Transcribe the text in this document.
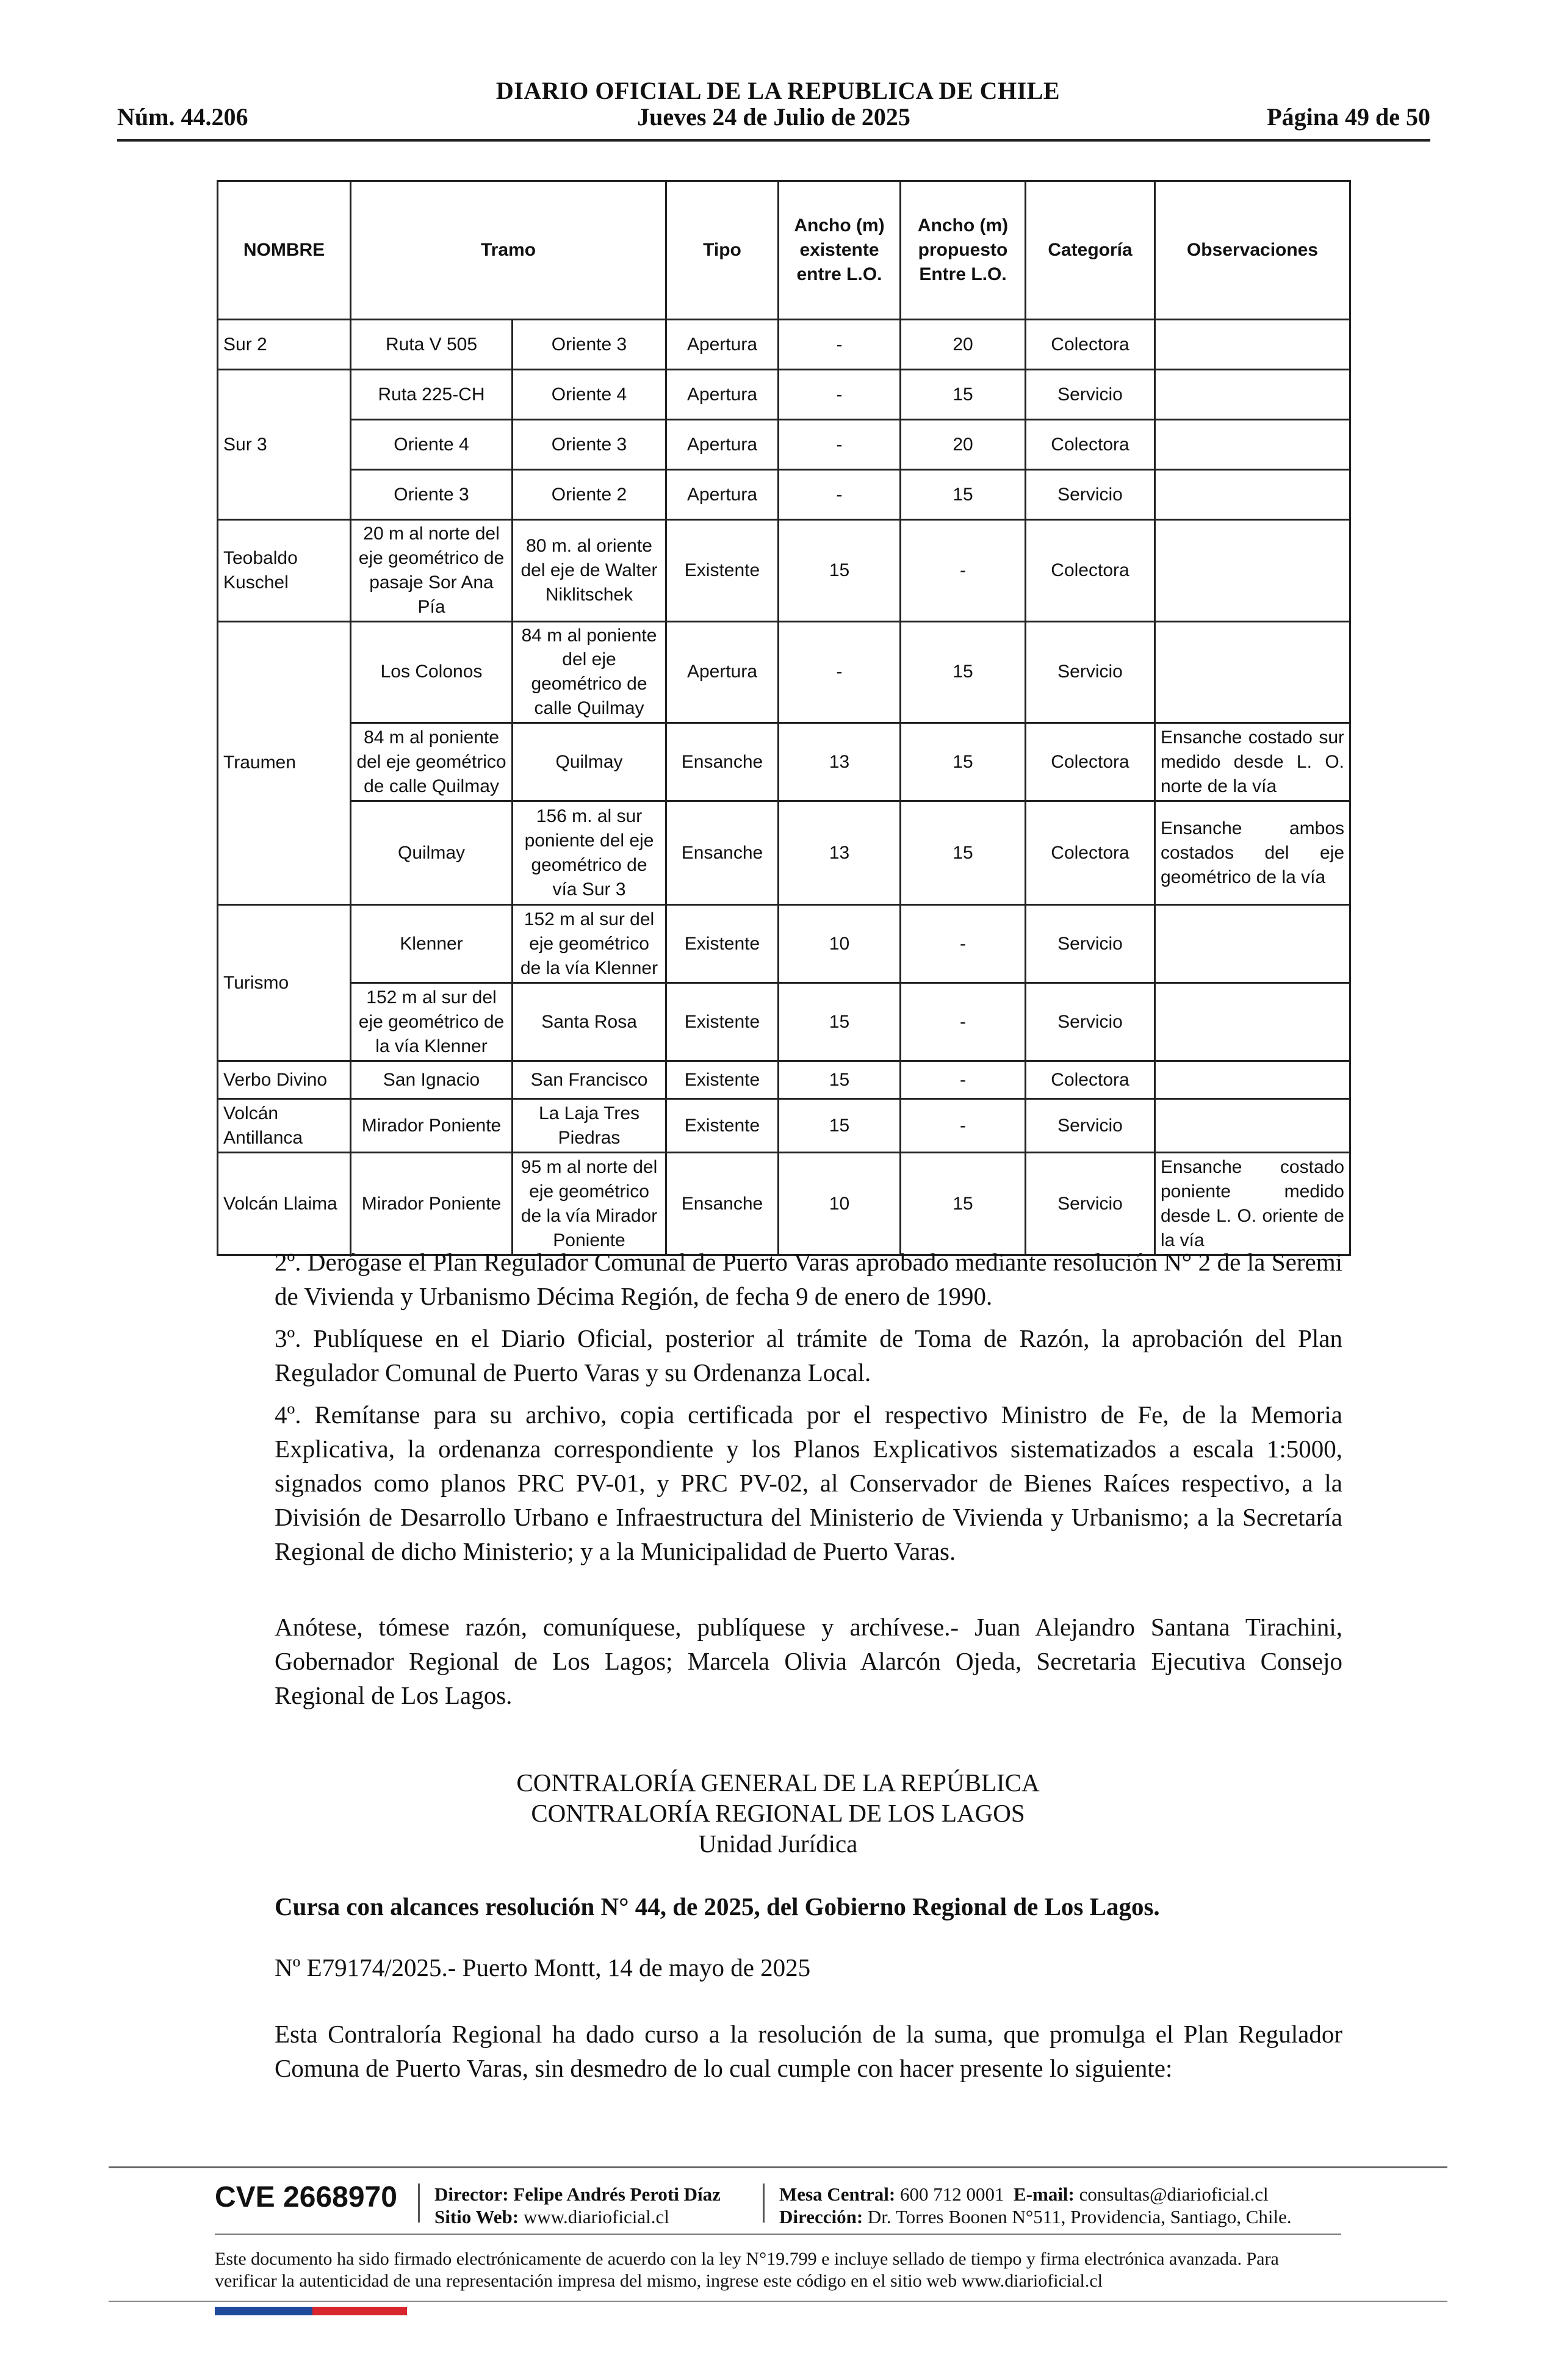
DIARIO OFICIAL DE LA REPUBLICA DE CHILE
Núm. 44.206	Jueves 24 de Julio de 2025	Página 49 de 50
NOMBRE	Tramo		Tipo	Ancho (m) existente entre L.O.	Ancho (m) propuesto Entre L.O.	Categoría	Observaciones
Sur 2	Ruta V 505	Oriente 3	Apertura	-	20	Colectora	
Sur 3	Ruta 225-CH	Oriente 4	Apertura	-	15	Servicio	
	Oriente 4	Oriente 3	Apertura	-	20	Colectora	
	Oriente 3	Oriente 2	Apertura	-	15	Servicio	
Teobaldo Kuschel	20 m al norte del eje geométrico de pasaje Sor Ana Pía	80 m. al oriente del eje de Walter Niklitschek	Existente	15	-	Colectora	
Traumen	Los Colonos	84 m al poniente del eje geométrico de calle Quilmay	Apertura	-	15	Servicio	
	84 m al poniente del eje geométrico de calle Quilmay	Quilmay	Ensanche	13	15	Colectora	Ensanche costado sur medido desde L. O. norte de la vía
	Quilmay	156 m. al sur poniente del eje geométrico de vía Sur 3	Ensanche	13	15	Colectora	Ensanche ambos costados del eje geométrico de la vía
Turismo	Klenner	152 m al sur del eje geométrico de la vía Klenner	Existente	10	-	Servicio	
	152 m al sur del eje geométrico de la vía Klenner	Santa Rosa	Existente	15	-	Servicio	
Verbo Divino	San Ignacio	San Francisco	Existente	15	-	Colectora	
Volcán Antillanca	Mirador Poniente	La Laja Tres Piedras	Existente	15	-	Servicio	
Volcán Llaima	Mirador Poniente	95 m al norte del eje geométrico de la vía Mirador Poniente	Ensanche	10	15	Servicio	Ensanche costado poniente medido desde L. O. oriente de la vía
2º. Derógase el Plan Regulador Comunal de Puerto Varas aprobado mediante resolución N° 2 de la Seremi de Vivienda y Urbanismo Décima Región, de fecha 9 de enero de 1990.
3º. Publíquese en el Diario Oficial, posterior al trámite de Toma de Razón, la aprobación del Plan Regulador Comunal de Puerto Varas y su Ordenanza Local.
4º. Remítanse para su archivo, copia certificada por el respectivo Ministro de Fe, de la Memoria Explicativa, la ordenanza correspondiente y los Planos Explicativos sistematizados a escala 1:5000, signados como planos PRC PV-01, y PRC PV-02, al Conservador de Bienes Raíces respectivo, a la División de Desarrollo Urbano e Infraestructura del Ministerio de Vivienda y Urbanismo; a la Secretaría Regional de dicho Ministerio; y a la Municipalidad de Puerto Varas.
Anótese, tómese razón, comuníquese, publíquese y archívese.- Juan Alejandro Santana Tirachini, Gobernador Regional de Los Lagos; Marcela Olivia Alarcón Ojeda, Secretaria Ejecutiva Consejo Regional de Los Lagos.
CONTRALORÍA GENERAL DE LA REPÚBLICA
CONTRALORÍA REGIONAL DE LOS LAGOS
Unidad Jurídica
Cursa con alcances resolución N° 44, de 2025, del Gobierno Regional de Los Lagos.
Nº E79174/2025.- Puerto Montt, 14 de mayo de 2025
Esta Contraloría Regional ha dado curso a la resolución de la suma, que promulga el Plan Regulador Comuna de Puerto Varas, sin desmedro de lo cual cumple con hacer presente lo siguiente:
CVE 2668970 Director: Felipe Andrés Peroti Díaz
Sitio Web: www.diarioficial.cl
Mesa Central: 600 712 0001 E-mail: consultas@diarioficial.cl
Dirección: Dr. Torres Boonen N°511, Providencia, Santiago, Chile.
Este documento ha sido firmado electrónicamente de acuerdo con la ley N°19.799 e incluye sellado de tiempo y firma electrónica avanzada. Para verificar la autenticidad de una representación impresa del mismo, ingrese este código en el sitio web www.diarioficial.cl
